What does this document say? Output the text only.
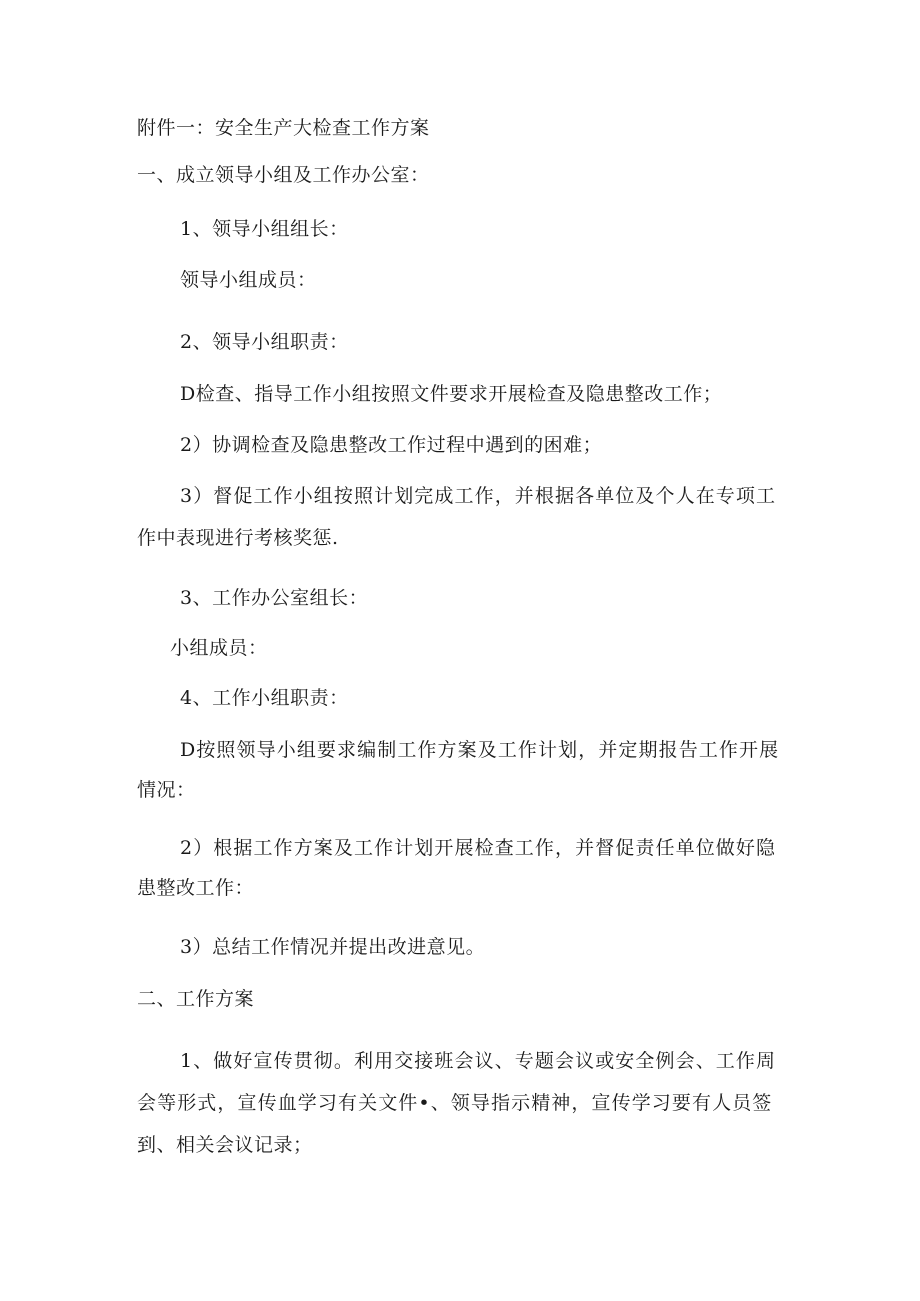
附件一：安全生产大检查工作方案
一、成立领导小组及工作办公室：
1、领导小组组长：
领导小组成员：
2、领导小组职责：
D检查、指导工作小组按照文件要求开展检查及隐患整改工作；
2）协调检查及隐患整改工作过程中遇到的困难；
3）督促工作小组按照计划完成工作，并根据各单位及个人在专项工
作中表现进行考核奖惩.
3、工作办公室组长：
小组成员：
4、工作小组职责：
D按照领导小组要求编制工作方案及工作计划，并定期报告工作开展
情况：
2）根据工作方案及工作计划开展检查工作，并督促责任单位做好隐
患整改工作：
3）总结工作情况并提出改进意见。
二、工作方案
1、做好宣传贯彻。利用交接班会议、专题会议或安全例会、工作周
会等形式，宣传血学习有关文件•、领导指示精神，宣传学习要有人员签
到、相关会议记录；
